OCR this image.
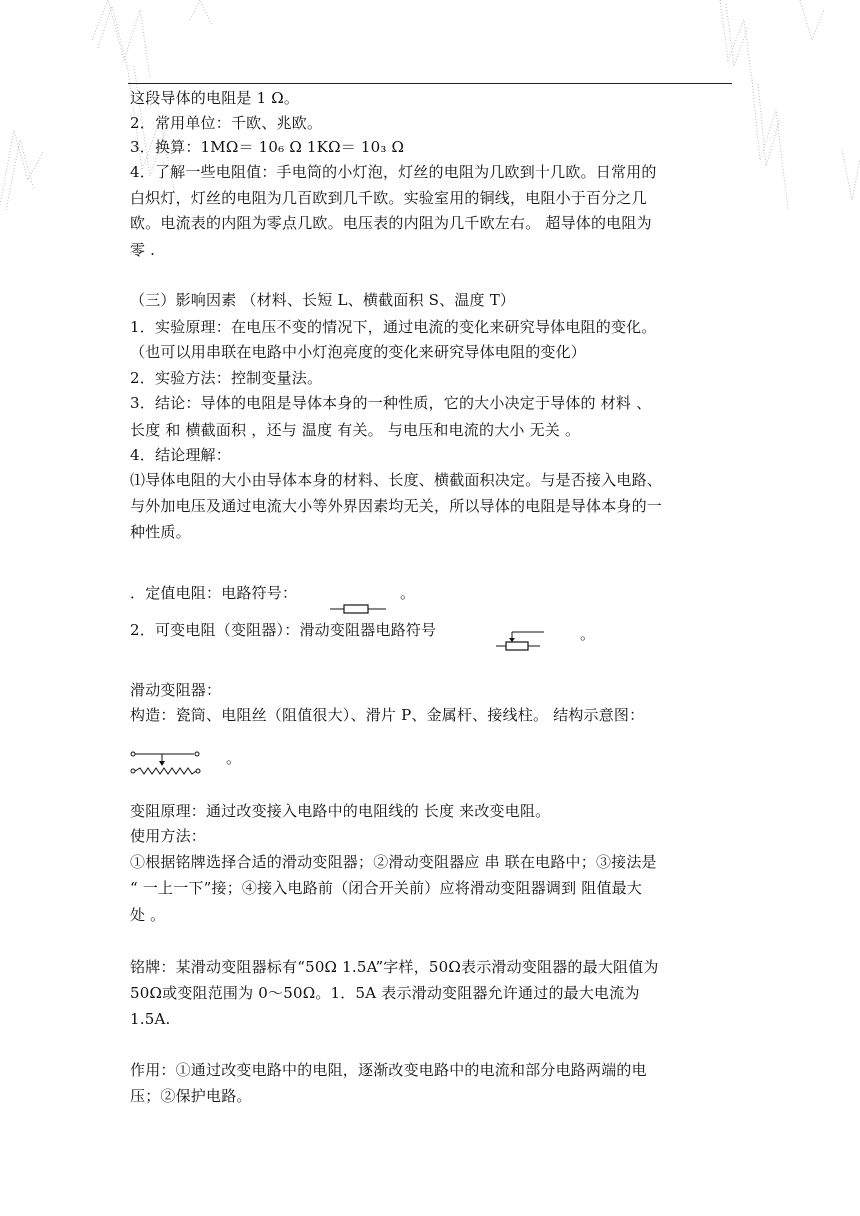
这段导体的电阻是 1 Ω。
2．常用单位：千欧、兆欧。
3．换算：1MΩ＝ 10₆ Ω 1KΩ＝ 10₃ Ω
4．了解一些电阻值：手电筒的小灯泡，灯丝的电阻为几欧到十几欧。日常用的
白炽灯，灯丝的电阻为几百欧到几千欧。实验室用的铜线，电阻小于百分之几
欧。电流表的内阻为零点几欧。电压表的内阻为几千欧左右。 超导体的电阻为
零 .
（三）影响因素 （材料、长短 L、横截面积 S、温度 T）
1．实验原理：在电压不变的情况下，通过电流的变化来研究导体电阻的变化。
（也可以用串联在电路中小灯泡亮度的变化来研究导体电阻的变化）
2．实验方法：控制变量法。
3．结论：导体的电阻是导体本身的一种性质，它的大小决定于导体的 材料 、
长度 和 横截面积 ，还与 温度 有关。 与电压和电流的大小 无关 。
4．结论理解：
⑴导体电阻的大小由导体本身的材料、长度、横截面积决定。与是否接入电路、
与外加电压及通过电流大小等外界因素均无关，所以导体的电阻是导体本身的一
种性质。
．定值电阻：电路符号：	。
2．可变电阻（变阻器）：滑动变阻器电路符号	。
滑动变阻器：
构造：瓷筒、电阻丝（阻值很大）、滑片 P、金属杆、接线柱。 结构示意图：
。
变阻原理：通过改变接入电路中的电阻线的 长度 来改变电阻。
使用方法：
①根据铭牌选择合适的滑动变阻器；②滑动变阻器应 串 联在电路中；③接法是
“ 一上一下”接；④接入电路前（闭合开关前）应将滑动变阻器调到 阻值最大
处 。
铭牌：某滑动变阻器标有“50Ω 1.5A”字样，50Ω表示滑动变阻器的最大阻值为
50Ω或变阻范围为 0～50Ω。1．5A 表示滑动变阻器允许通过的最大电流为
1.5A.
作用：①通过改变电路中的电阻，逐渐改变电路中的电流和部分电路两端的电
压；②保护电路。
